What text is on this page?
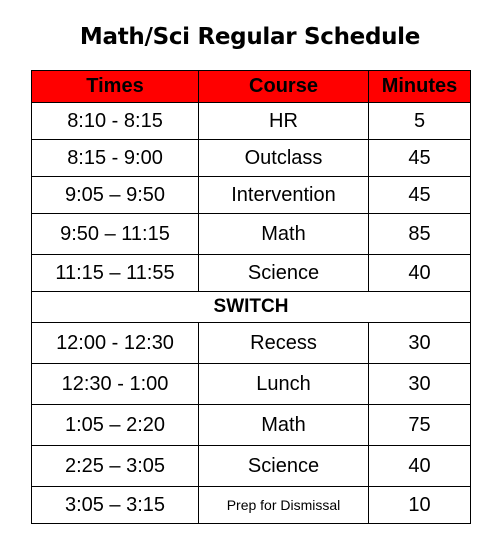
Math/Sci Regular Schedule
Times	Course	Minutes
8:10 - 8:15	HR	5
8:15 - 9:00	Outclass	45
9:05 – 9:50	Intervention	45
9:50 – 11:15	Math	85
11:15 – 11:55	Science	40
SWITCH		
12:00 - 12:30	Recess	30
12:30 - 1:00	Lunch	30
1:05 – 2:20	Math	75
2:25 – 3:05	Science	40
3:05 – 3:15	Prep for Dismissal	10
